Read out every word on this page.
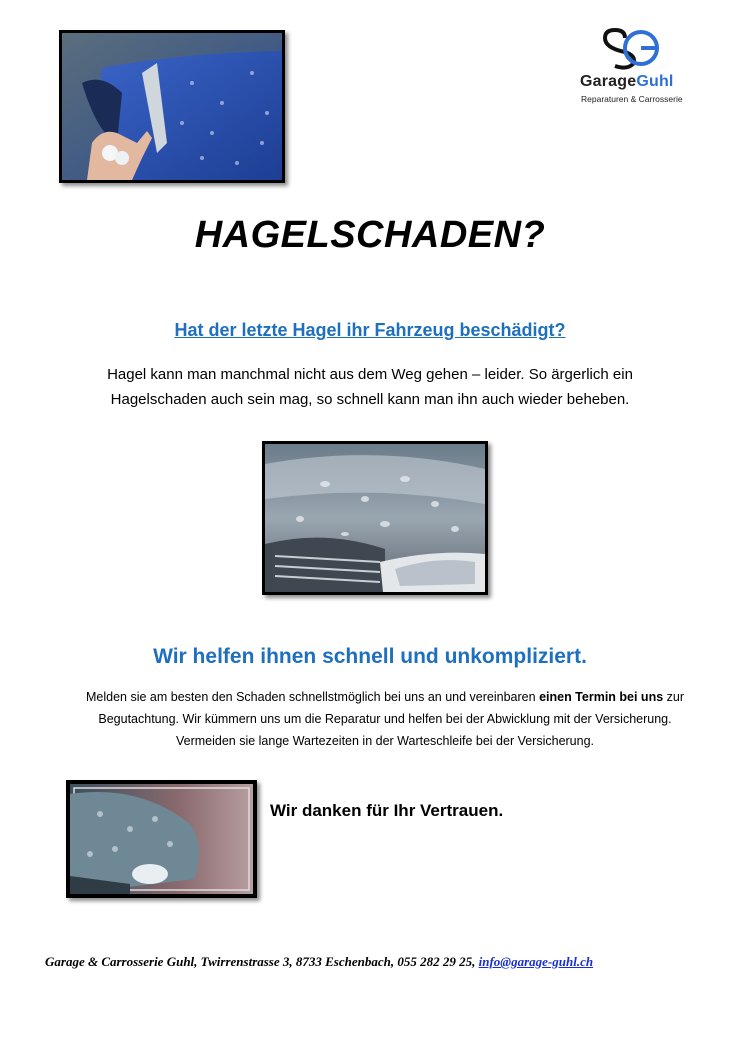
GarageGuhl
Reparaturen & Carrosserie
HAGELSCHADEN?
Hat der letzte Hagel ihr Fahrzeug beschädigt?
Hagel kann man manchmal nicht aus dem Weg gehen – leider. So ärgerlich ein
Hagelschaden auch sein mag, so schnell kann man ihn auch wieder beheben.
Wir helfen ihnen schnell und unkompliziert.
Melden sie am besten den Schaden schnellstmöglich bei uns an und vereinbaren einen Termin bei uns zur Begutachtung. Wir kümmern uns um die Reparatur und helfen bei der Abwicklung mit der Versicherung. Vermeiden sie lange Wartezeiten in der Warteschleife bei der Versicherung.
Wir danken für Ihr Vertrauen.
Garage & Carrosserie Guhl, Twirrenstrasse 3, 8733 Eschenbach, 055 282 29 25, info@garage-guhl.ch
